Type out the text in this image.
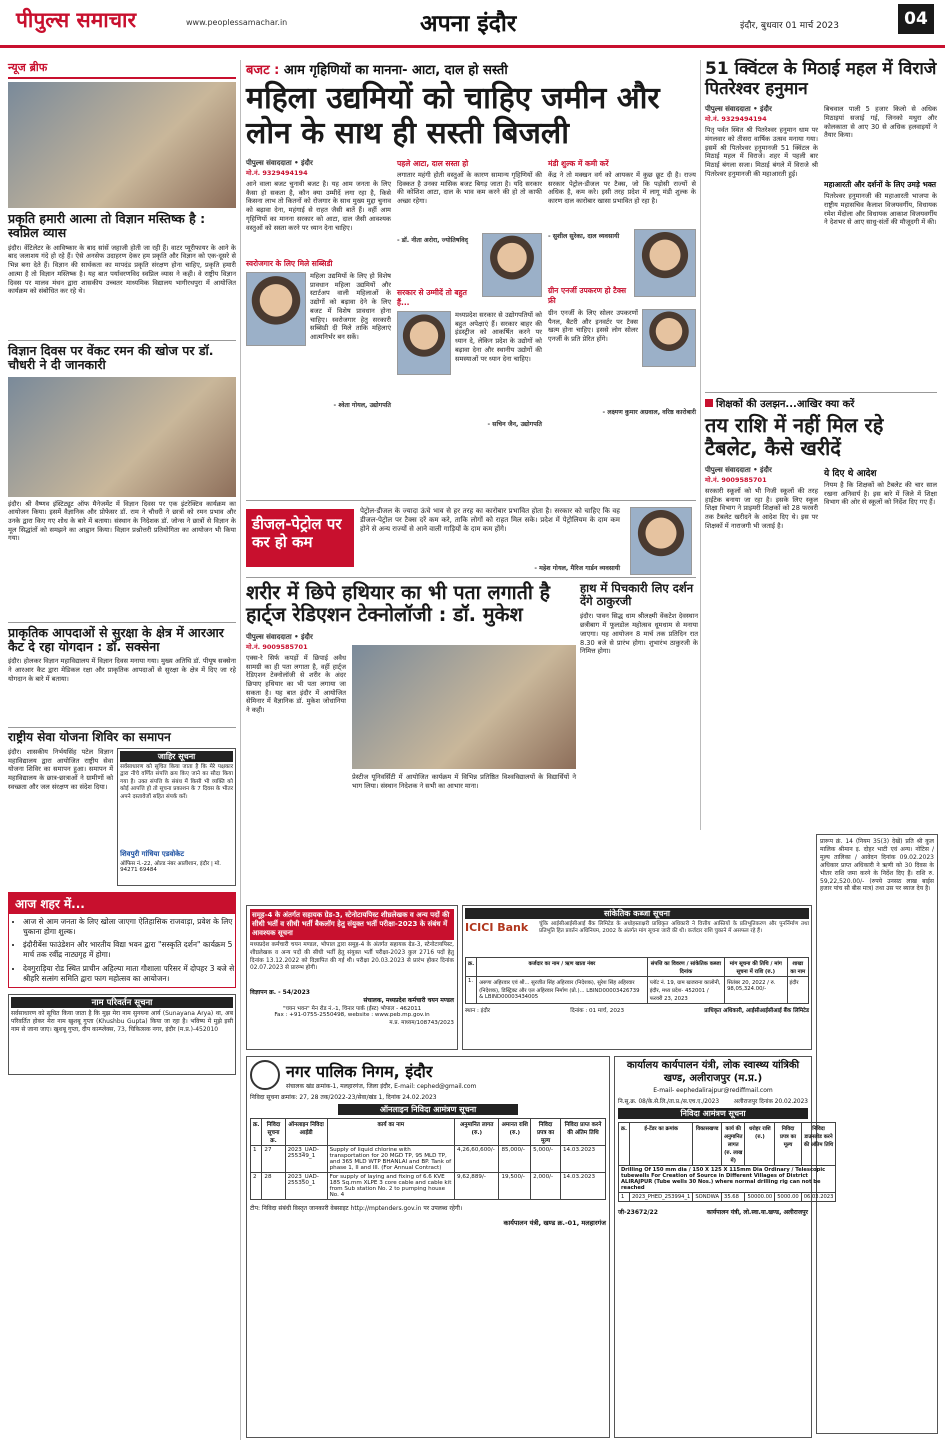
पीपुल्स समाचार	www.peoplessamachar.in	अपना इंदौर	इंदौर, बुधवार 01 मार्च 2023	04
न्यूज ब्रीफ
प्रकृति हमारी आत्मा तो विज्ञान मस्तिष्क है : स्वप्निल व्यास
इंदौर। वेंटिलेटर के आविष्कार के बाद सांसें जहाजी होती जा रही हैं। वाटर प्यूरीफायर के आने के बाद जलाशय गंदे हो रहे हैं। ऐसे अनसेफ उदाहरण देकर हम प्रकृति और विज्ञान को एक-दूसरे से भिन्न बना देते हैं। विज्ञान की सार्थकता का मापदंड प्रकृति संरक्षण होना चाहिए, प्रकृति हमारी आत्मा है तो विज्ञान मस्तिष्क है। यह बात पर्यावरणविद स्वप्निल व्यास ने कही। वे राष्ट्रीय विज्ञान दिवस पर मालव मंथन द्वारा शासकीय उच्चतर माध्यमिक विद्यालय भागीरथपुरा में आयोजित कार्यक्रम को संबोधित कर रहे थे।
विज्ञान दिवस पर वेंकट रमन की खोज पर डॉ. चौधरी ने दी जानकारी
इंदौर। श्री वैष्णव इंस्टिट्यूट ऑफ मैनेजमेंट में विज्ञान दिवस पर एक इंटरेक्टिव कार्यक्रम का आयोजन किया। इसमें वैज्ञानिक और प्रोफेसर डॉ. राम ने चौधरी ने छात्रों को रमन प्रभाव और उनके द्वारा किए गए शोध के बारे में बताया। संस्थान के निदेशक डॉ. जोन्स ने छात्रों से विज्ञान के मूल सिद्धांतों को समझने का आह्वान किया। विज्ञान प्रश्नोत्तरी प्रतियोगिता का आयोजन भी किया गया।
प्राकृतिक आपदाओं से सुरक्षा के क्षेत्र में आरआर कैट दे रहा योगदान : डॉ. सक्सेना
इंदौर। होलकर विज्ञान महाविद्यालय में विज्ञान दिवस मनाया गया। मुख्य अतिथि डॉ. पीयूष सक्सेना ने आरआर कैट द्वारा मेडिकल रक्षा और प्राकृतिक आपदाओं से सुरक्षा के क्षेत्र में दिए जा रहे योगदान के बारे में बताया।
राष्ट्रीय सेवा योजना शिविर का समापन
इंदौर। शासकीय निर्भयसिंह पटेल विज्ञान महाविद्यालय द्वारा आयोजित राष्ट्रीय सेवा योजना शिविर का समापन हुआ। समापन में महाविद्यालय के छात्र-छात्राओं ने ग्रामीणों को स्वच्छता और जल संरक्षण का संदेश दिया।
जाहिर सूचना
सर्वसाधारण को सूचित किया जाता है कि मेरे पक्षकार द्वारा नीचे वर्णित संपत्ति क्रय किए जाने का सौदा किया गया है। उक्त संपत्ति के संबंध में किसी भी व्यक्ति को कोई आपत्ति हो तो सूचना प्रकाशन के 7 दिवस के भीतर अपने दस्तावेजों सहित संपर्क करें।
शिवपुरी गांधिया एडवोकेट
ऑफिस नं.-22, ओल्ड नंबर आलीशान, इंदौर | मो. 94271 69484
आज शहर में...
• आज से आम जनता के लिए खोला जाएगा ऐतिहासिक राजवाड़ा, प्रवेश के लिए चुकाना होगा शुल्क।
• इंदौरीबेंस फाउंडेशन और भारतीय विद्या भवन द्वारा "सस्कृति दर्शन" कार्यक्रम 5 मार्च तक रवींद्र नाट्यगृह में होगा।
• देवगुराड़िया रोड स्थित प्राचीन अहिल्या माता गौशाला परिसर में दोपहर 3 बजे से श्रीहरि सत्संग समिति द्वारा फाग महोत्सव का आयोजन।
नाम परिवर्तन सूचना
सर्वसाधारण को सूचित किया जाता है कि मुझ मेरा नाम सुनयना आर्य (Sunayana Arya) था, अब परिवर्तित होकर मेरा नाम खुशबू गुप्ता (Khushbu Gupta) किया जा रहा है। भविष्य में मुझे इसी नाम से जाना जाए। खुशबू गुप्ता, दीप काम्प्लेक्स, 73, चिकित्सक नगर, इंदौर (म.प्र.)-452010
बजट : आम गृहिणियों का मानना- आटा, दाल हो सस्ती
महिला उद्यमियों को चाहिए जमीन और लोन के साथ ही सस्ती बिजली
पीपुल्स संवाददाता • इंदौर
मो.नं. 9329494194
आने वाला बजट चुनावी बजट है। यह आम जनता के लिए कैसा हो सकता है, कौन क्या उम्मीदें लगा रहा है, किसे किसना लाभ तो कितनों को रोजगार के साथ मुख्य मुद्दा चुनाव को बढ़ावा देना, महंगाई से राहत जैसी बातें हैं। वहीं आम गृहिणियों का मानना सरकार को आटा, दाल जैसी आवश्यक वस्तुओं को सस्ता करने पर ध्यान देना चाहिए।
स्वरोजगार के लिए मिले सब्सिडी
महिला उद्यमियों के लिए हो विशेष प्रावधान महिला उद्यमियों और स्टार्टअप वाली महिलाओं के उद्योगों को बढ़ावा देने के लिए बजट में विशेष प्रावधान होना चाहिए। स्वरोजगार हेतु सरकारी सब्सिडी दी मिले ताकि महिलाएं आत्मनिर्भर बन सकें।
- श्वेता गोयल, उद्योगपति
पहले आटा, दाल सस्ता हो
लगातार महंगी होती वस्तुओं के कारण सामान्य गृहिणियों की दिक्कत है उनका मासिक बजट बिगड़ जाता है। यदि सरकार की कोशिश आटा, दाल के भाव कम करने की हो तो काफी अच्छा रहेगा।
- डॉ. नीता अरोरा, ज्योतिषविद्
सरकार से उम्मीदें तो बहुत हैं...
मध्यप्रदेश सरकार से उद्योगपतियों को बहुत अपेक्षाएं हैं। सरकार बाहर की इंडस्ट्रीज को आकर्षित करने पर ध्यान दे, लेकिन प्रदेश के उद्योगों को बढ़ावा देना और स्थानीय उद्योगों की समस्याओं पर ध्यान देना चाहिए।
- सचिन जैन, उद्योगपति
मंडी शुल्क में कमी करें
केंद्र ने तो मक्खन वर्ग को आयकर में कुछ छूट दी है। राज्य सरकार पेट्रोल-डीजल पर टैक्स, जो कि पड़ोसी राज्यों से अधिक है, कम करे। इसी तरह प्रदेश में लागू मंडी शुल्क के कारण दाल कारोबार खासा प्रभावित हो रहा है।
- सुशील सुरेका, दाल व्यवसायी
ग्रीन एनर्जी उपकरण हो टैक्स फ्री
ग्रीन एनर्जी के लिए सोलर उपकरणों पैनल, बैटरी और इनवर्टर पर टैक्स खत्म होना चाहिए। इससे लोग सोलर एनर्जी के प्रति प्रेरित होंगे।
- लक्ष्मण कुमार अग्रवाल, वरिष्ठ कारोबारी
डीजल-पेट्रोल पर कर हो कम
पेट्रोल-डीजल के ज्यादा ऊंचे भाव से हर तरह का कारोबार प्रभावित होता है। सरकार को चाहिए कि वह डीजल-पेट्रोल पर टैक्स दरें कम करे, ताकि लोगों को राहत मिल सके। प्रदेश में पेट्रोलियम के दाम कम होने से अन्य राज्यों से आने वाली गाड़ियों के दाम कम होंगे।
- महेश गोयल, मैरिज गार्डन व्यवसायी
51 क्विंटल के मिठाई महल में विराजे पितरेश्वर हनुमान
पीपुल्स संवाददाता • इंदौर
मो.नं. 9329494194
पितृ पर्वत स्थित श्री पितरेश्वर हनुमान धाम पर मंगलवार को तीसरा वार्षिक उत्सव मनाया गया। इसमें श्री पितरेश्वर हनुमानजी 51 क्विंटल के मिठाई महल में विराजे। शहर में पहली बार मिठाई बंगला सजा। मिठाई बंगले में विराजे श्री पितरेश्वर हनुमानजी की महाआरती हुई।
बिचवाल पाली 5 हजार किलो से अधिक मिठाइयां सजाई गई, जिनको मथुरा और कोलकाता से आए 30 से अधिक हलवाइयों ने तैयार किया।
महाआरती और दर्शनों के लिए उमड़े भक्त
पितरेश्वर हनुमानजी की महाआरती भाजपा के राष्ट्रीय महासचिव कैलाश विजयवर्गीय, विधायक रमेश मेंदोला और विधायक आकाश विजयवर्गीय ने देशभर से आए साधु-संतों की मौजूदगी में की।
शिक्षकों की उलझन...आखिर क्या करें
तय राशि में नहीं मिल रहे टैबलेट, कैसे खरीदें
पीपुल्स संवाददाता • इंदौर
मो.नं. 9009585701
सरकारी स्कूलों को भी निजी स्कूलों की तरह हाईटेक बनाया जा रहा है। इसके लिए स्कूल शिक्षा विभाग ने प्राइमरी शिक्षकों को 28 फरवरी तक टैबलेट खरीदने के आदेश दिए थे। इस पर शिक्षकों में नाराजगी भी जताई है।
ये दिए थे आदेश
नियम है कि शिक्षकों को टैबलेट की चार साल रखना अनिवार्य है। इस बारे में जिले में शिक्षा विभाग की ओर से स्कूलों को निर्देश दिए गए हैं।
शरीर में छिपे हथियार का भी पता लगाती है हार्ट्ज रेडिएशन टेक्नोलॉजी : डॉ. मुकेश
पीपुल्स संवाददाता • इंदौर
मो.नं. 9009585701
एक्स-रे सिर्फ कपड़ों में छिपाई अवैध सामग्री का ही पता लगाता है, वहीं हार्ट्ज रेडिएशन टेक्नोलॉजी से शरीर के अंदर छिपाए हथियार का भी पता लगाया जा सकता है। यह बात इंदौर में आयोजित सेमिनार में वैज्ञानिक डॉ. मुकेश जोधानिया ने कही।
प्रेस्टीज यूनिवर्सिटी में आयोजित कार्यक्रम में विभिन्न प्रतिष्ठित विश्वविद्यालयों के विद्यार्थियों ने भाग लिया। संस्थान निदेशक ने सभी का आभार माना।
हाथ में पिचकारी लिए दर्शन देंगे ठाकुरजी
इंदौर। पावन सिद्ध धाम श्रीलक्ष्मी वेंकटेश देवस्थान छत्रीबाग में फूलडोल महोत्सव धूमधाम से मनाया जाएगा। यह आयोजन 8 मार्च तक प्रतिदिन रात 8.30 बजे से प्रारंभ होगा। शुभारंभ ठाकुरजी के निमित्त होगा।
समूह-4 के अंतर्गत सहायक ग्रेड-3, स्टेनोटायपिस्ट शीघ्रलेखक व अन्य पदों की सीधी भर्ती व सीधी भर्ती बैकलॉग हेतु संयुक्त भर्ती परीक्षा-2023 के संबंध में आवश्यक सूचना
मध्यप्रदेश कर्मचारी चयन मण्डल, भोपाल द्वारा समूह-4 के अंतर्गत सहायक ग्रेड-3, स्टेनोटायपिस्ट, शीघ्रलेखक व अन्य पदों की सीधी भर्ती हेतु संयुक्त भर्ती परीक्षा-2023 कुल 2716 पदों हेतु दिनांक 13.12.2022 को विज्ञापित की गई थी। परीक्षा 20.03.2023 से प्रारंभ होकर दिनांक 02.07.2023 से प्रारम्भ होगी।
विज्ञापन क्र. - 54/2023
संचालक, मध्यप्रदेश कर्मचारी चयन मण्डल
"चयन भवन" मेन रोड नं.-1, चिनार पार्क (ईस्ट) भोपाल - 462011
Fax : +91-0755-2550498, website : www.peb.mp.gov.in
म.प्र. माध्यम/108743/2023
सांकेतिक कब्जा सूचना
ICICI Bank	चूंकि आईसीआईसीआई बैंक लिमिटेड के अधोहस्ताक्षरी प्राधिकृत अधिकारी ने वित्तीय आस्तियों के प्रतिभूतिकरण और पुनर्निर्माण तथा प्रतिभूति हित प्रवर्तन अधिनियम, 2002 के अंतर्गत मांग सूचना जारी की थी। कर्जदार राशि चुकाने में असफल रहे हैं।
क्र.	कर्जदार का नाम / ऋण खाता नंबर	संपत्ति का विवरण / सांकेतिक कब्जा दिनांक	मांग सूचना की तिथि / मांग सूचना में राशि (रु.)	शाखा का नाम
1.	अरुणा अहिरवार एवं श्री... सुरजीत सिंह अहिरवार (निदेशक), सुरेश सिंह अहिरवार (निदेशक), डिस्ट्रिक्ट और एल अहिरवार निर्माण (प्रो.)... LBIND00003426739 & LBIND00003434005	प्लॉट नं. 19, ग्राम खजराना कालोनी, इंदौर, मध्य प्रदेश- 452001 / फरवरी 23, 2023	सितंबर 20, 2022 / रु. 98,05,324.00/-	इंदौर
स्थान : इंदौर	दिनांक : 01 मार्च, 2023	प्राधिकृत अधिकारी, आईसीआईसीआई बैंक लिमिटेड
प्रारूप क्रं. 14 (नियम 35(3) देखें) प्रति श्री कुल मालिक श्रीमान इ. दोहर भाटी एवं अन्य। नोटिस / मूल्य तालिका / आवेदन दिनांक 09.02.2023 अधिकार प्राप्त अधिकारी ने ऋणी को 30 दिवस के भीतर राशि जमा करने के निर्देश दिए हैं। राशि रु. 59,22,520.00/- (रुपये उनसठ लाख बाईस हजार पांच सौ बीस मात्र) तथा उस पर ब्याज देय है।
नगर पालिक निगम, इंदौर
संचालक खंड क्रमांक-1, मलहारगंज, जिला इंदौर, E-mail: cephed@gmail.com
निविदा सूचना क्रमांक: 27, 28 तक/2022-23/सेवा/खंड 1, दिनांक 24.02.2023
ऑनलाइन निविदा आमंत्रण सूचना
क्र.	निविदा सूचना क्र.	ऑनलाइन निविदा आईडी	कार्य का नाम	अनुमानित लागत (रु.)	अमानत राशि (रु.)	निविदा प्रपत्र का मूल्य	निविदा प्राप्त करने की अंतिम तिथि
1	27	2023_UAD-255349_1	Supply of liquid chlorine with transportation for 20 MGD TP, 95 MLD TP, and 365 MLD WTP BHANLAI and BP. Tank of phase 1, II and III. (For Annual Contract)	4,26,60,600/-	85,000/-	5,000/-	14.03.2023
2	28	2023_UAD-255350_1	For supply of laying and fixing of 6.6 KVE 185 Sq.mm XLPE 3 core cable and cable kit from Sub station No. 2 to pumping house No. 4	9,62,889/-	19,500/-	2,000/-	14.03.2023
टीप: निविदा संबंधी विस्तृत जानकारी वेबसाइट http://mptenders.gov.in पर उपलब्ध रहेगी।
कार्यपालन यंत्री, खण्ड क्र.-01, मलहारगंज
कार्यालय कार्यपालन यंत्री, लोक स्वास्थ्य यांत्रिकी खण्ड, अलीराजपुर (म.प्र.)
E-mail- eephedalirajpur@rediffmail.com
नि.सू.क्र. 08/के.से.लि./ता.प्र./स.एच.ए./2023	अलीराजपुर दिनांक 20.02.2023
निविदा आमंत्रण सूचना
क्र.	ई-टेंडर का क्रमांक	विकासखण्ड	कार्य की अनुमानित लागत (रु. लाख में)	धरोहर राशि (रु.)	निविदा प्रपत्र का मूल्य	निविदा डाउनलोड करने की अंतिम तिथि
Drilling Of 150 mm dia / 150 X 125 X 115mm Dia Ordinary / Telescopic tubewells For Creation of Source in Different Villages of District ALIRAJPUR (Tube wells 30 Nos.) where normal drilling rig can not be reached						
1	2023_PHED_253994_1	SONDWA	35.68	50000.00	5000.00	06.03.2023
जी-23672/22	कार्यपालन यंत्री, लो.स्वा.या.खण्ड, अलीराजपुर
